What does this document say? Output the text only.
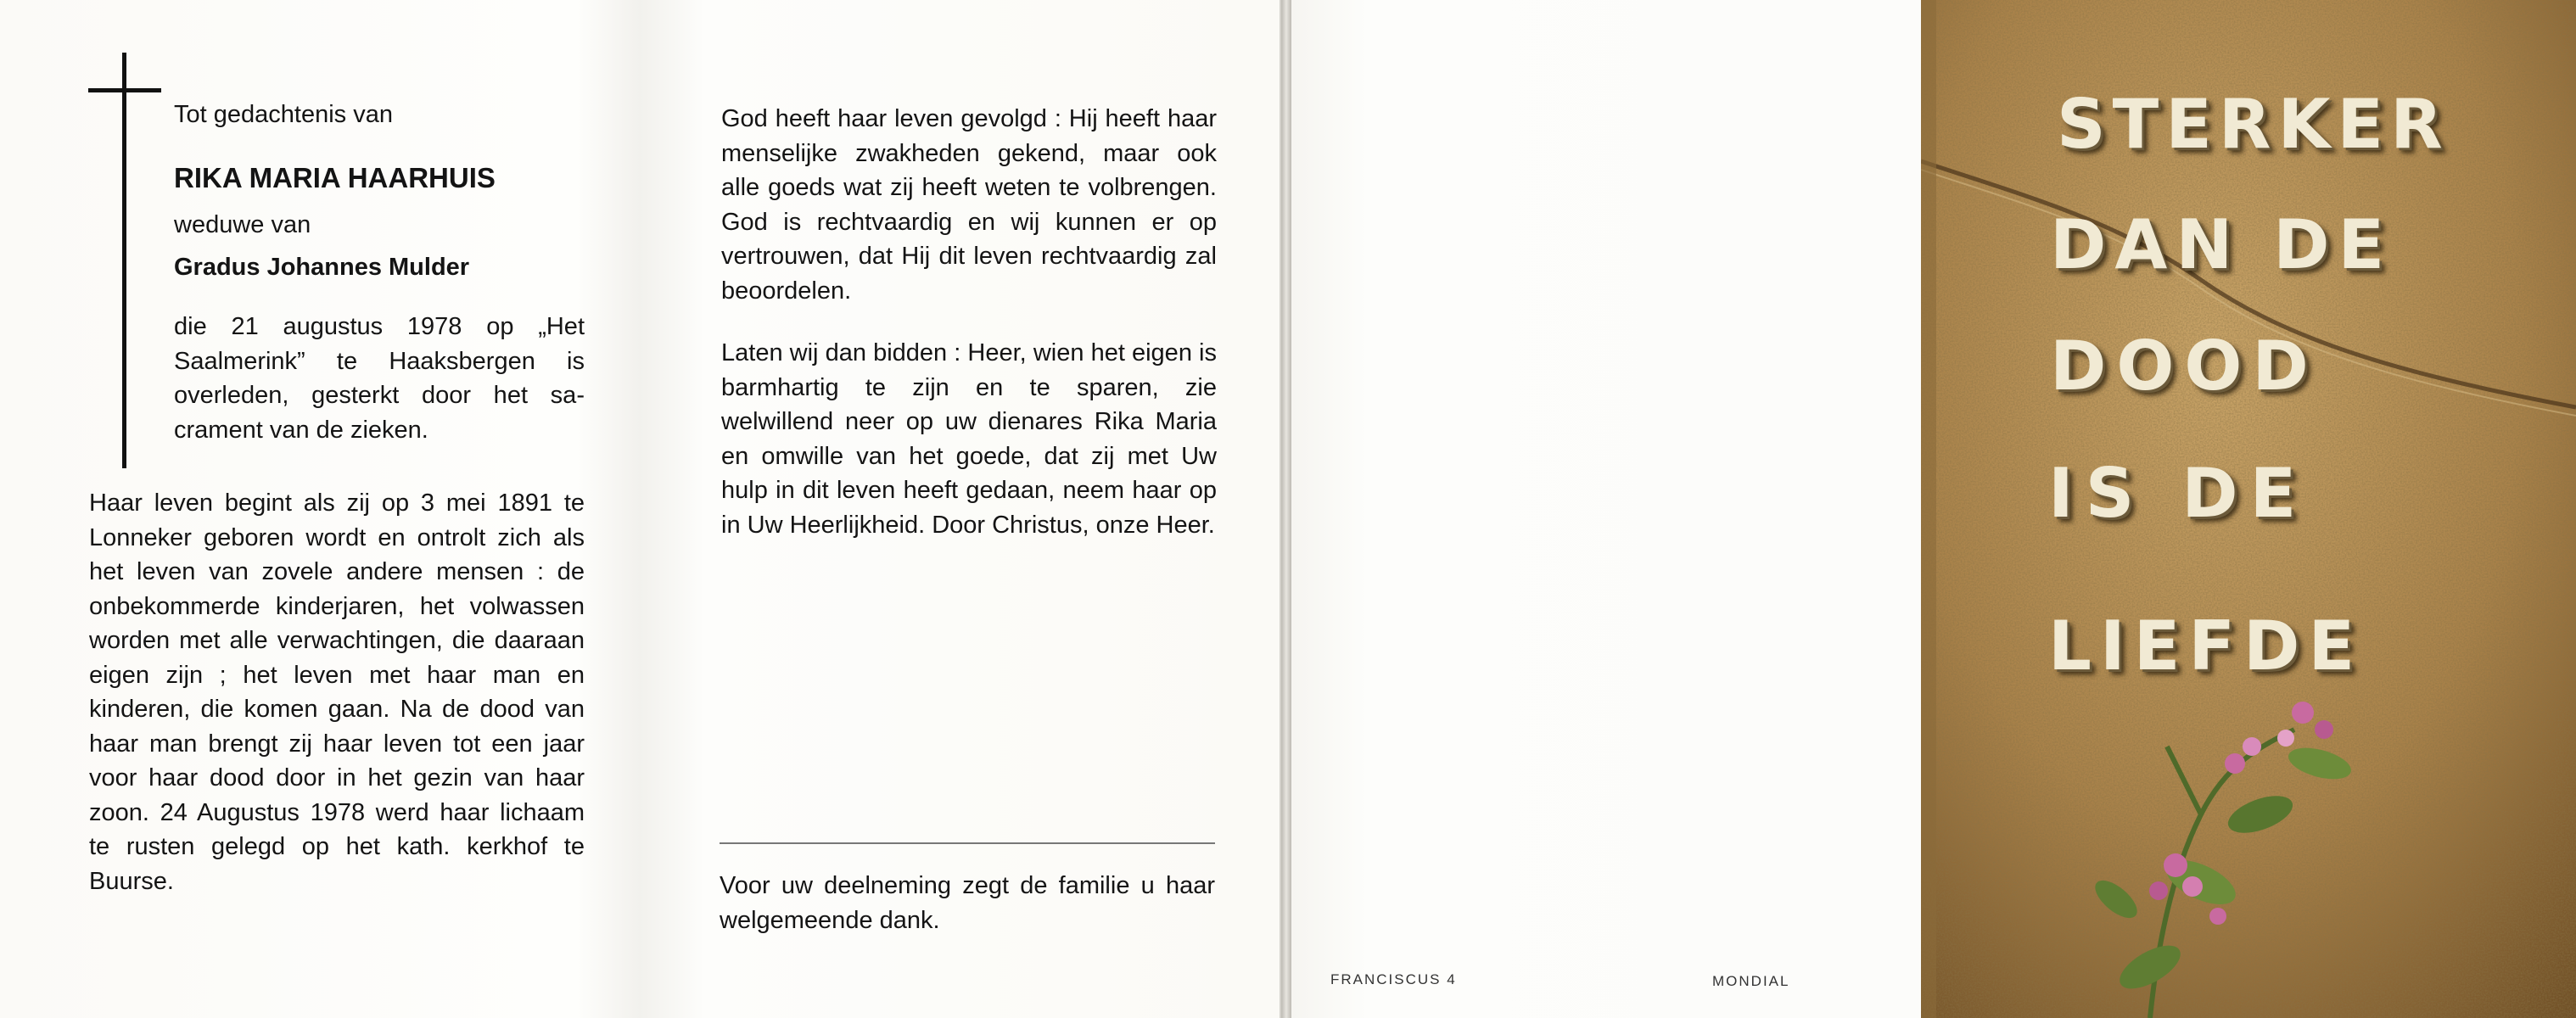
Tot gedachtenis van

RIKA MARIA HAARHUIS

weduwe van

Gradus Johannes Mulder

die 21 augustus 1978 op „Het Saalmerink” te Haaksbergen is overleden, gesterkt door het sacrament van de zieken.

Haar leven begint als zij op 3 mei 1891 te Lonneker geboren wordt en ontrolt zich als het leven van zovele andere mensen : de onbekommerde kinderjaren, het volwassen worden met alle verwachtingen, die daaraan eigen zijn ; het leven met haar man en kinderen, die komen gaan. Na de dood van haar man brengt zij haar leven tot een jaar voor haar dood door in het gezin van haar zoon. 24 Augustus 1978 werd haar lichaam te rusten gelegd op het kath. kerkhof te Buurse.

God heeft haar leven gevolgd : Hij heeft haar menselijke zwakheden gekend, maar ook alle goeds wat zij heeft weten te volbrengen. God is rechtvaardig en wij kunnen er op vertrouwen, dat Hij dit leven rechtvaardig zal beoordelen.

Laten wij dan bidden : Heer, wien het eigen is barmhartig te zijn en te sparen, zie welwillend neer op uw dienares Rika Maria en omwille van het goede, dat zij met Uw hulp in dit leven heeft gedaan, neem haar op in Uw Heerlijkheid. Door Christus, onze Heer.

Voor uw deelneming zegt de familie u haar welgemeende dank.

FRANCISCUS 4	MONDIAL
STERKER
DAN DE
DOOD
IS DE
LIEFDE
